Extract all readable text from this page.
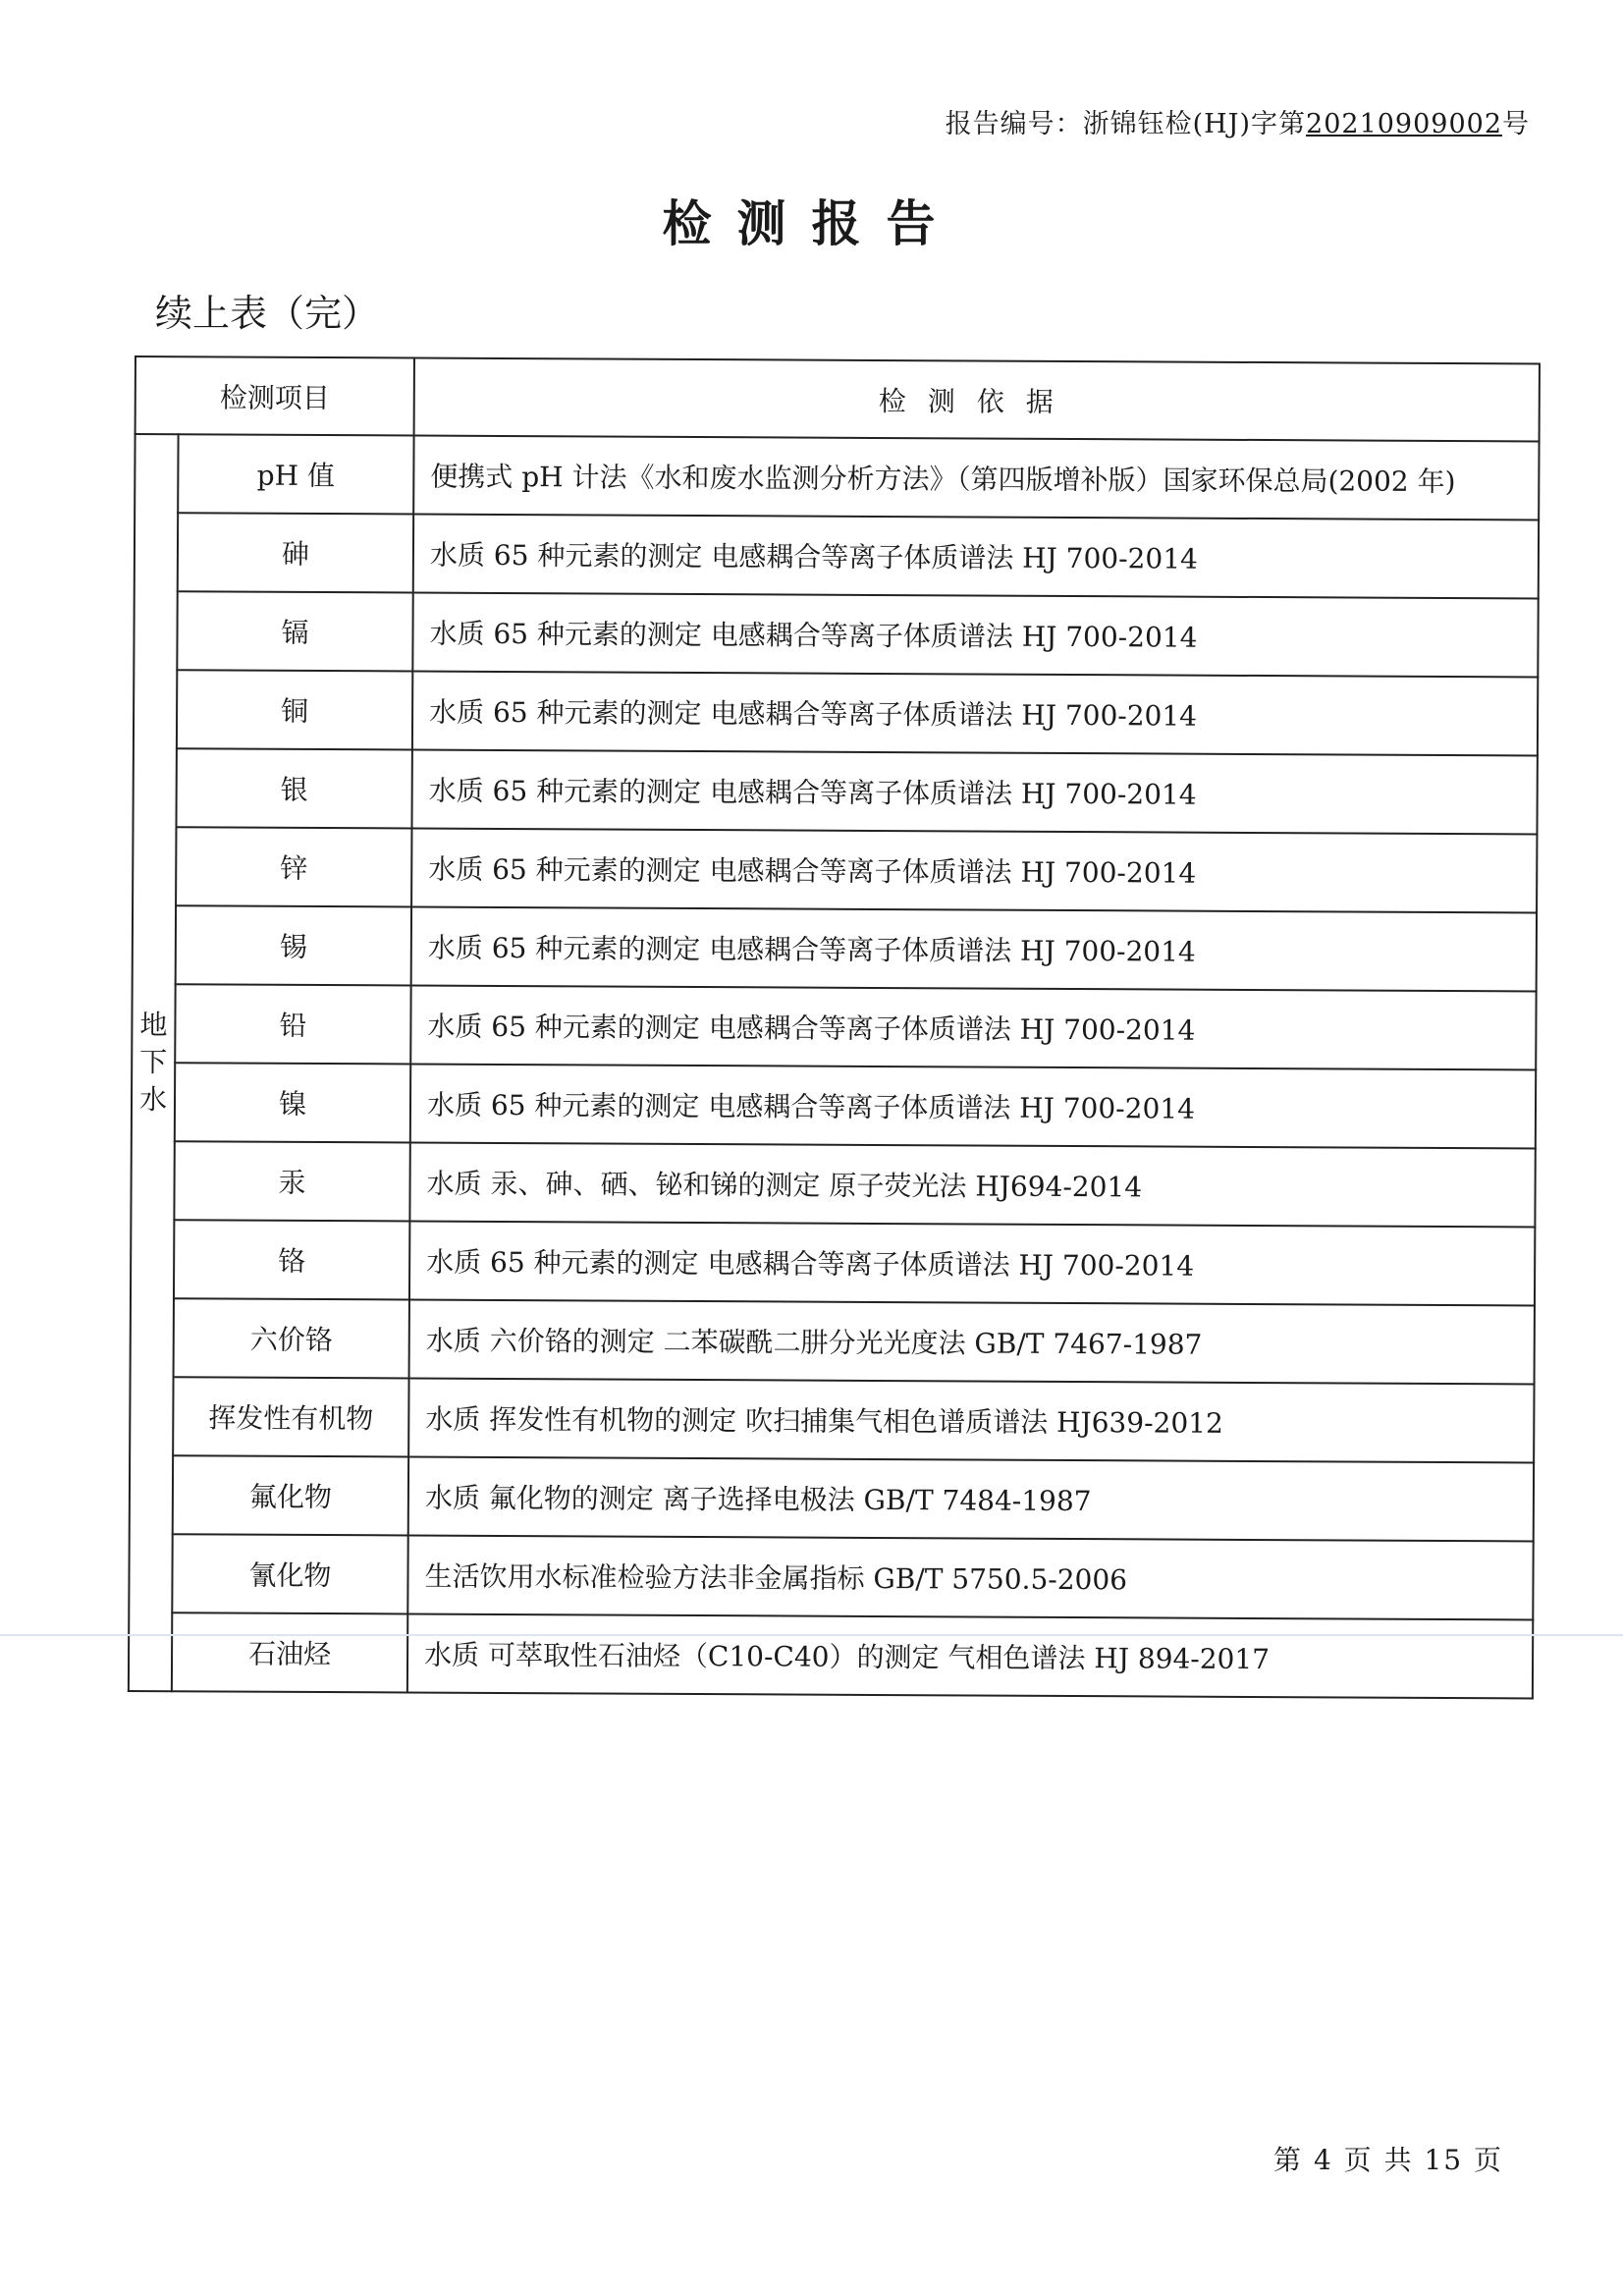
报告编号：浙锦钰检(HJ)字第20210909002号
检测报告
续上表（完）
检测项目		检测依据

地
下
水	pH 值	便携式 pH 计法《水和废水监测分析方法》（第四版增补版）国家环保总局(2002 年)
	砷	水质 65 种元素的测定 电感耦合等离子体质谱法 HJ 700-2014
	镉	水质 65 种元素的测定 电感耦合等离子体质谱法 HJ 700-2014
	铜	水质 65 种元素的测定 电感耦合等离子体质谱法 HJ 700-2014
	银	水质 65 种元素的测定 电感耦合等离子体质谱法 HJ 700-2014
	锌	水质 65 种元素的测定 电感耦合等离子体质谱法 HJ 700-2014
	锡	水质 65 种元素的测定 电感耦合等离子体质谱法 HJ 700-2014
	铅	水质 65 种元素的测定 电感耦合等离子体质谱法 HJ 700-2014
	镍	水质 65 种元素的测定 电感耦合等离子体质谱法 HJ 700-2014
	汞	水质 汞、砷、硒、铋和锑的测定 原子荧光法 HJ694-2014
	铬	水质 65 种元素的测定 电感耦合等离子体质谱法 HJ 700-2014
	六价铬	水质 六价铬的测定 二苯碳酰二肼分光光度法 GB/T 7467-1987
	挥发性有机物	水质 挥发性有机物的测定 吹扫捕集气相色谱质谱法 HJ639-2012
	氟化物	水质 氟化物的测定 离子选择电极法 GB/T 7484-1987
	氰化物	生活饮用水标准检验方法非金属指标 GB/T 5750.5-2006
	石油烃	水质 可萃取性石油烃（C10-C40）的测定 气相色谱法 HJ 894-2017
第 4 页 共 15 页
